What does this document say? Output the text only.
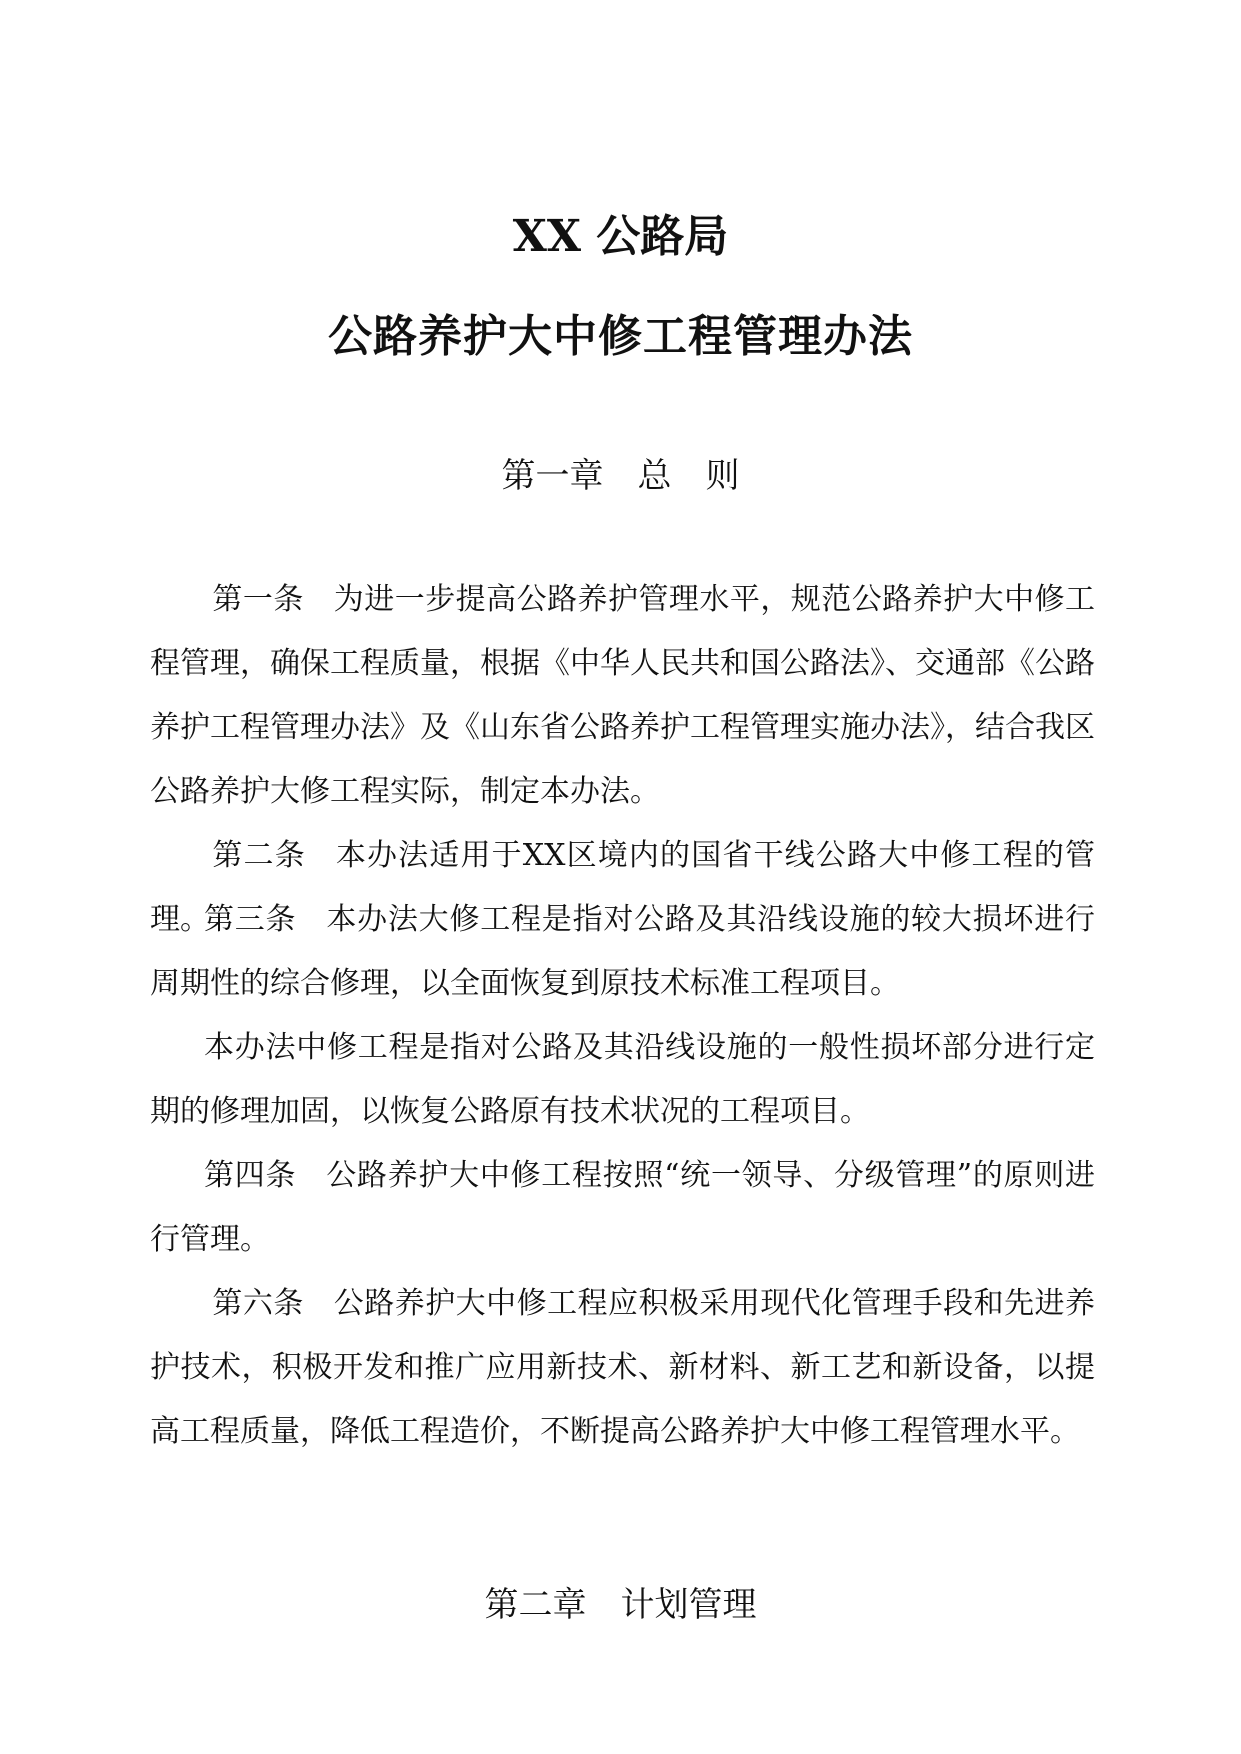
XX 公路局
公路养护大中修工程管理办法
第一章　总　则
第一条 为进一步提高公路养护管理水平，规范公路养护大中修工程管理，确保工程质量，根据《中华人民共和国公路法》、交通部《公路养护工程管理办法》及《山东省公路养护工程管理实施办法》，结合我区公路养护大修工程实际，制定本办法。
第二条 本办法适用于XX区境内的国省干线公路大中修工程的管理。
第三条 本办法大修工程是指对公路及其沿线设施的较大损坏进行周期性的综合修理，以全面恢复到原技术标准工程项目。
本办法中修工程是指对公路及其沿线设施的一般性损坏部分进行定期的修理加固，以恢复公路原有技术状况的工程项目。
第四条 公路养护大中修工程按照“统一领导、分级管理”的原则进行管理。
第六条 公路养护大中修工程应积极采用现代化管理手段和先进养护技术，积极开发和推广应用新技术、新材料、新工艺和新设备，以提高工程质量，降低工程造价，不断提高公路养护大中修工程管理水平。
第二章　计划管理
